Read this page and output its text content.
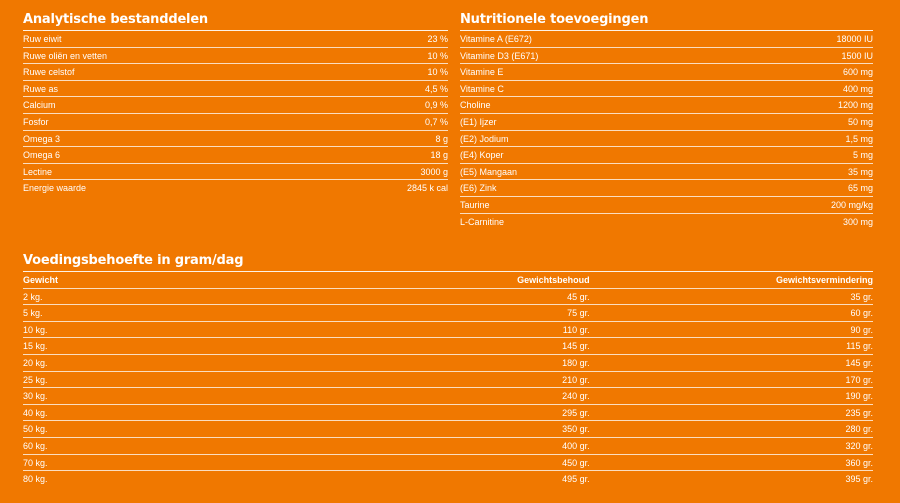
Analytische bestanddelen
Ruw eiwit	23 %
Ruwe oliën en vetten	10 %
Ruwe celstof	10 %
Ruwe as	4,5 %
Calcium	0,9 %
Fosfor	0,7 %
Omega 3	8 g
Omega 6	18 g
Lectine	3000 g
Energie waarde	2845 k cal
Nutritionele toevoegingen
Vitamine A (E672)	18000 IU
Vitamine D3 (E671)	1500 IU
Vitamine E	600 mg
Vitamine C	400 mg
Choline	1200 mg
(E1) Ijzer	50 mg
(E2) Jodium	1,5 mg
(E4) Koper	5 mg
(E5) Mangaan	35 mg
(E6) Zink	65 mg
Taurine	200 mg/kg
L-Carnitine	300 mg
Voedingsbehoefte in gram/dag
Gewicht	Gewichtsbehoud	Gewichtsvermindering
2 kg.	45 gr.	35 gr.
5 kg.	75 gr.	60 gr.
10 kg.	110 gr.	90 gr.
15 kg.	145 gr.	115 gr.
20 kg.	180 gr.	145 gr.
25 kg.	210 gr.	170 gr.
30 kg.	240 gr.	190 gr.
40 kg.	295 gr.	235 gr.
50 kg.	350 gr.	280 gr.
60 kg.	400 gr.	320 gr.
70 kg.	450 gr.	360 gr.
80 kg.	495 gr.	395 gr.
